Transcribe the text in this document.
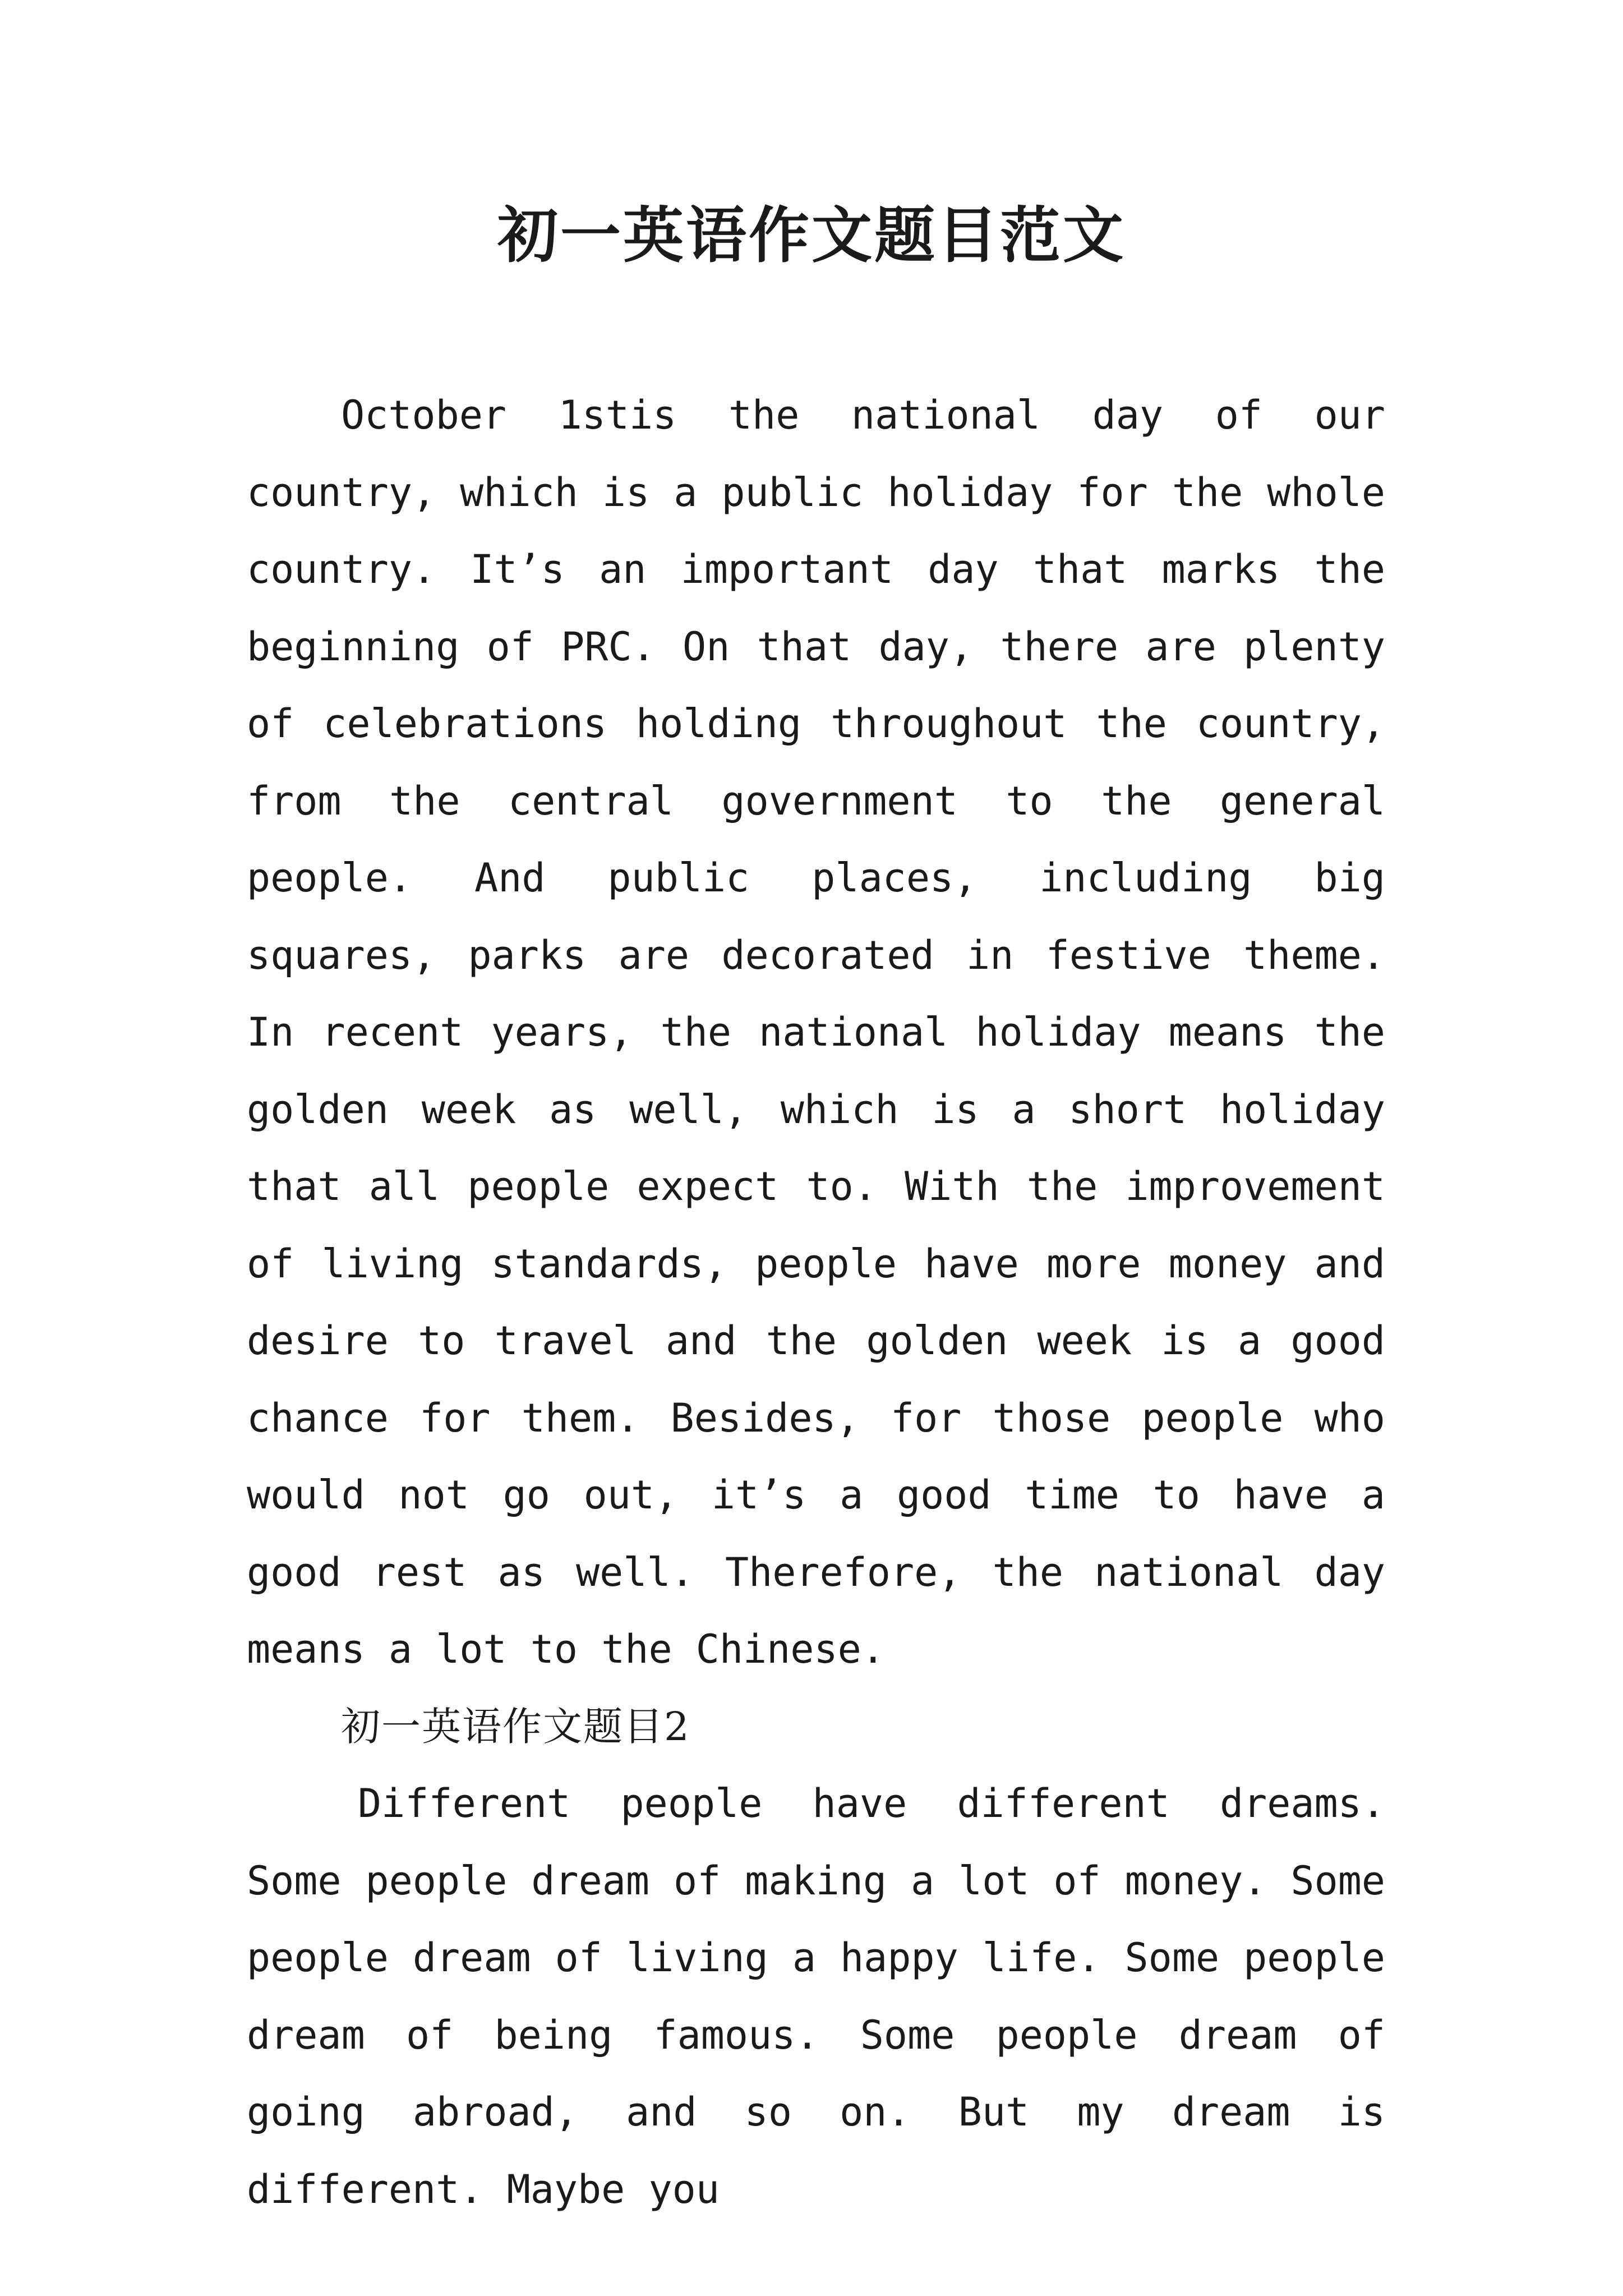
初一英语作文题目范文

October 1stis the national day of our country, which is a public holiday for the whole country. It’s an important day that marks the beginning of PRC. On that day, there are plenty of celebrations holding throughout the country, from the central government to the general people. And public places, including big squares, parks are decorated in festive theme. In recent years, the national holiday means the golden week as well, which is a short holiday that all people expect to. With the improvement of living standards, people have more money and desire to travel and the golden week is a good chance for them. Besides, for those people who would not go out, it’s a good time to have a good rest as well. Therefore, the national day means a lot to the Chinese.

初一英语作文题目2

Different people have different dreams. Some people dream of making a lot of money. Some people dream of living a happy life. Some people dream of being famous. Some people dream of going abroad, and so on. But my dream is different. Maybe you
